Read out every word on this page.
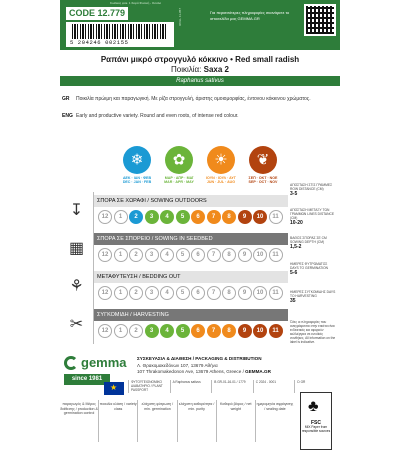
Κωδικός φακ. 1 Σειρά Φυσική - Οσαλα
CODE 12.779
5 204246 002155
ROLL 11-057	Για περισσότερες πληροφορίες σκανάρετε το ιστοσελίδα μας GEMMA.GR
Ραπάνι μικρό στρογγυλό κόκκινο • Red small radish
Ποικιλία: Saxa 2
Raphanus sativus
GR Ποικιλία πρώιμη και παραγωγική. Με ρίζα στρογγυλή, άριστης ομοιομορφίας, έντονου κόκκινου χρώματος.
ENG Early and productive variety. Round and even roots, of intense red colour.
❄
ΔΕΚ · ΙΑΝ · ΦΕΒ
DEC · JAN · FEB
✿
ΜΑΡ · ΑΠΡ · ΜΑΪ
MAR · APR · MAY
☀
ΙΟΥΝ · ΙΟΥΛ · ΑΥΓ
JUN · JUL · AUG
❦
ΣΕΠ · ΟΚΤ · ΝΟΕ
SEP · OCT · NOV
↧
ΣΠΟΡΑ ΣΕ ΧΩΡΑΦΙ / SOWING OUTDOORS
12	1	2	3	4	5	6	7	8	9	10	11
▦
ΣΠΟΡΑ ΣΕ ΣΠΟΡΕΙΟ / SOWING IN SEEDBED
12	1	2	3	4	5	6	7	8	9	10	11
⚘
ΜΕΤΑΦΥΤΕΥΣΗ / BEDDING OUT
12	1	2	3	4	5	6	7	8	9	10	11
✂
ΣΥΓΚΟΜΙΔΗ / HARVESTING
12	1	2	3	4	5	6	7	8	9	10	11
ΑΠΟΣΤΑΣΗ ΣΤΙΣ ΓΡΑΜΜΕΣ ROW DISTANCE (CM)
3-5
ΑΠΟΣΤΑΣΗ ΜΕΤΑΞΥ ΤΩΝ ΓΡΑΜΜΩΝ LINES DISTANCE (CM)
10-20
ΒΑΘΟΣ ΣΠΟΡΑΣ ΣΕ CM SOWING DEPTH (CM)
1,5-2
ΗΜΕΡΕΣ ΦΥΤΡΩΜΑΤΟΣ DAYS TO GERMINATION
5-6
ΗΜΕΡΕΣ ΣΥΓΚΟΜΙΔΗΣ DAYS TO HARVESTING
35
Όλες οι πληροφορίες που αναγράφονται στην ετικέτα είναι ενδεικτικές και αφορούν καλλιέργεια σε ευνοϊκές συνθήκες. All information on the label is indicative.
gemma
since 1981
ΣΥΣΚΕΥΑΣΙΑ & ΔΙΑΘΕΣΗ / PACKAGING & DISTRIBUTION
Λ. Θρακομακεδόνων 107, 13679 Αθήνα
107 Thrakomakedonon Ave, 13679 Athens, Greece / GEMMA.GR
★
ΦΥΤΟΫΓΕΙΟΝΟΜΙΚΟ ΔΙΑΒΑΤΗΡΙΟ / PLANT PASSPORT
A Raphanus sativus	B GR-01-16-01 / 1779	C 2024 - 0001	D GR
παραγωγός & Μέρος διάθεσης / production & germination control
ποικιλία κλάση / variety class
ελάχιστη φύτρωση / min. germination
ελάχιστη καθαρότητα / min. purity
Καθαρό βάρος / net weight
ημερομηνία σφράγισης / sealing date	♣
FSC
MIX Paper from responsible sources
